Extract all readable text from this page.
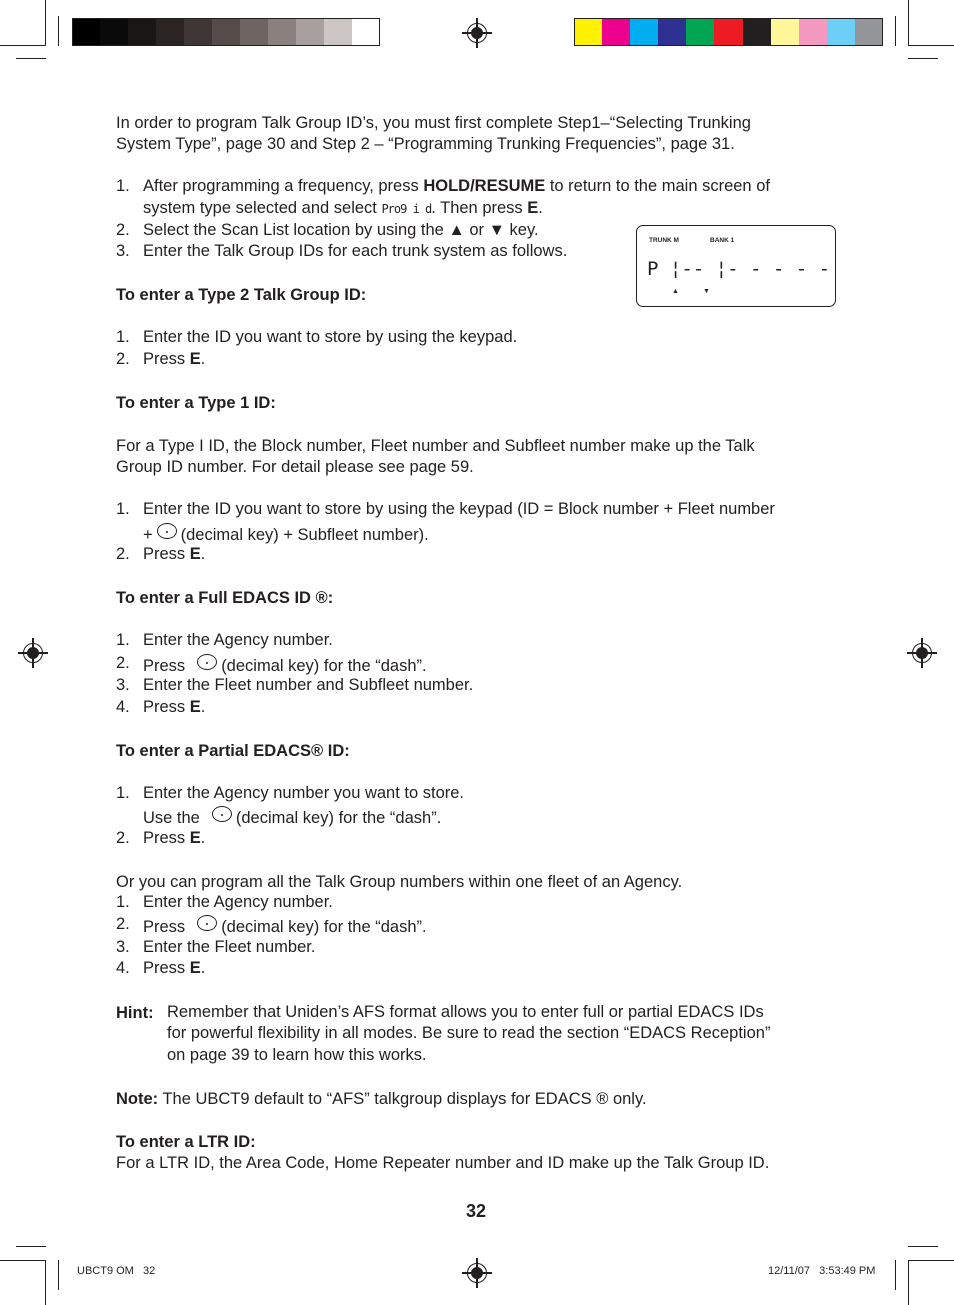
In order to program Talk Group ID’s, you must first complete Step1–“Selecting Trunking
System Type”, page 30 and Step 2 – “Programming Trunking Frequencies”, page 31.
1. After programming a frequency, press HOLD/RESUME to return to the main screen of
system type selected and select Pro9 i d. Then press E.
2. Select the Scan List location by using the ▲ or ▼ key.
3. Enter the Talk Group IDs for each trunk system as follows.
TRUNK M	BANK 1
P ¦-- ¦- - - - -
▲	▼
To enter a Type 2 Talk Group ID:
1. Enter the ID you want to store by using the keypad.
2. Press E.
To enter a Type 1 ID:
For a Type I ID, the Block number, Fleet number and Subfleet number make up the Talk
Group ID number. For detail please see page 59.
1. Enter the ID you want to store by using the keypad (ID = Block number + Fleet number
+ (decimal key) + Subfleet number).
2. Press E.
To enter a Full EDACS ID ®:
1. Enter the Agency number.
2. Press (decimal key) for the “dash”.
3. Enter the Fleet number and Subfleet number.
4. Press E.
To enter a Partial EDACS® ID:
1. Enter the Agency number you want to store.
Use the (decimal key) for the “dash”.
2. Press E.
Or you can program all the Talk Group numbers within one fleet of an Agency.
1. Enter the Agency number.
2. Press (decimal key) for the “dash”.
3. Enter the Fleet number.
4. Press E.
Hint: Remember that Uniden’s AFS format allows you to enter full or partial EDACS IDs
for powerful flexibility in all modes. Be sure to read the section “EDACS Reception”
on page 39 to learn how this works.
Note: The UBCT9 default to “AFS” talkgroup displays for EDACS ® only.
To enter a LTR ID:
For a LTR ID, the Area Code, Home Repeater number and ID make up the Talk Group ID.
32
UBCT9 OM   32	12/11/07   3:53:49 PM
